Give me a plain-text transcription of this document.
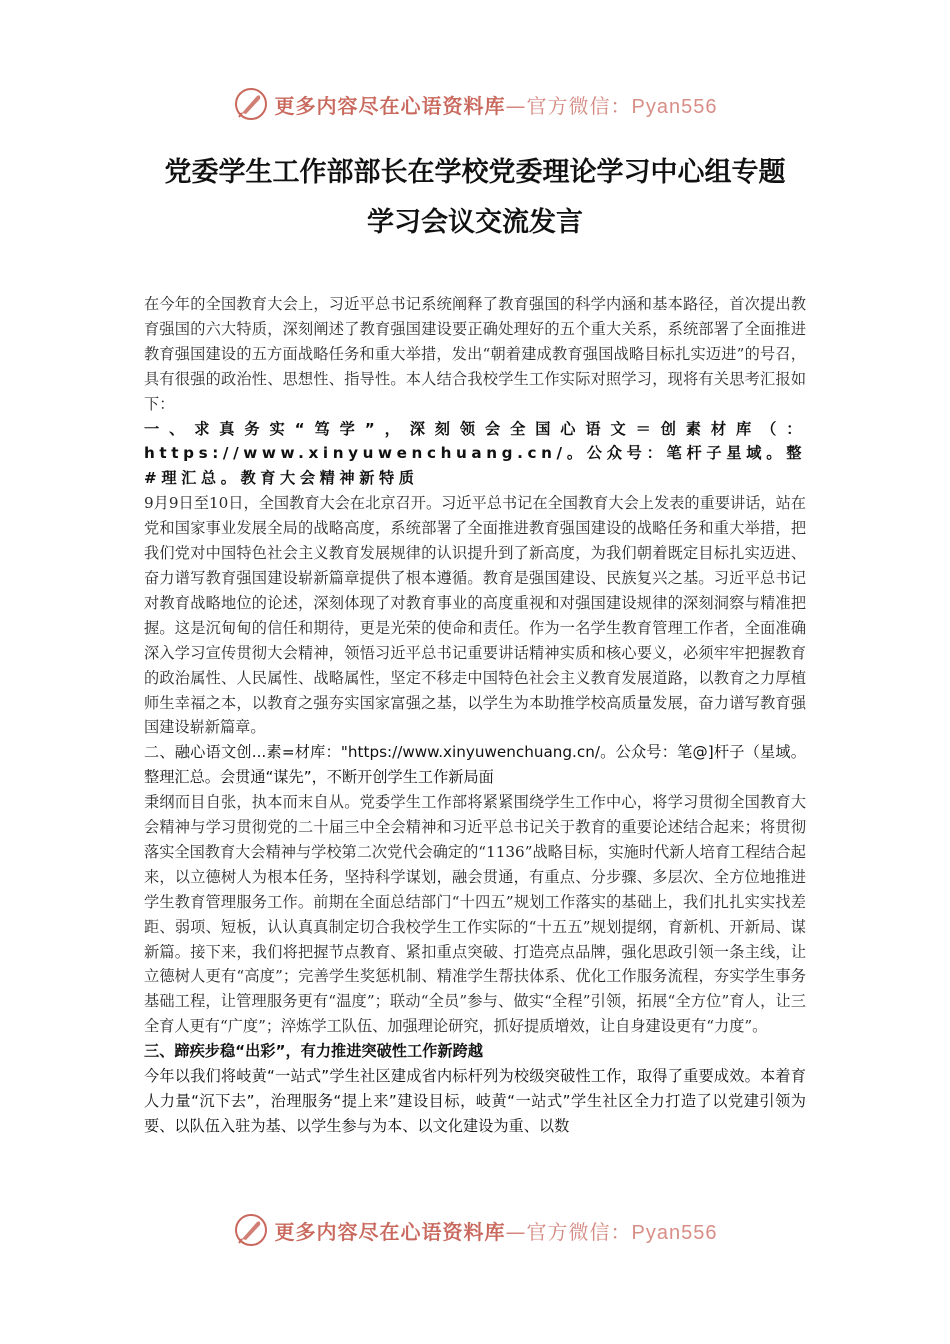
更多内容尽在心语资料库—官方微信：Pyan556
党委学生工作部部长在学校党委理论学习中心组专题
学习会议交流发言

在今年的全国教育大会上，习近平总书记系统阐释了教育强国的科学内涵和基本路径，首次提出教育强国的六大特质，深刻阐述了教育强国建设要正确处理好的五个重大关系，系统部署了全面推进教育强国建设的五方面战略任务和重大举措，发出“朝着建成教育强国战略目标扎实迈进”的号召，具有很强的政治性、思想性、指导性。本人结合我校学生工作实际对照学习，现将有关思考汇报如下：

一、求真务实“笃学”，深刻领会全国心语文＝创素材库（：https://www.xinyuwenchuang.cn/。公众号：笔杆子星域。整#理汇总。教育大会精神新特质

9月9日至10日，全国教育大会在北京召开。习近平总书记在全国教育大会上发表的重要讲话，站在党和国家事业发展全局的战略高度，系统部署了全面推进教育强国建设的战略任务和重大举措，把我们党对中国特色社会主义教育发展规律的认识提升到了新高度，为我们朝着既定目标扎实迈进、奋力谱写教育强国建设崭新篇章提供了根本遵循。教育是强国建设、民族复兴之基。习近平总书记对教育战略地位的论述，深刻体现了对教育事业的高度重视和对强国建设规律的深刻洞察与精准把握。这是沉甸甸的信任和期待，更是光荣的使命和责任。作为一名学生教育管理工作者，全面准确深入学习宣传贯彻大会精神，领悟习近平总书记重要讲话精神实质和核心要义，必须牢牢把握教育的政治属性、人民属性、战略属性，坚定不移走中国特色社会主义教育发展道路，以教育之力厚植师生幸福之本，以教育之强夯实国家富强之基，以学生为本助推学校高质量发展，奋力谱写教育强国建设崭新篇章。

二、融心语文创...素=材库："https://www.xinyuwenchuang.cn/。公众号：笔@]杆子（星域。整理汇总。会贯通“谋先”，不断开创学生工作新局面

秉纲而目自张，执本而末自从。党委学生工作部将紧紧围绕学生工作中心，将学习贯彻全国教育大会精神与学习贯彻党的二十届三中全会精神和习近平总书记关于教育的重要论述结合起来；将贯彻落实全国教育大会精神与学校第二次党代会确定的“1136”战略目标，实施时代新人培育工程结合起来，以立德树人为根本任务，坚持科学谋划，融会贯通，有重点、分步骤、多层次、全方位地推进学生教育管理服务工作。前期在全面总结部门“十四五”规划工作落实的基础上，我们扎扎实实找差距、弱项、短板，认认真真制定切合我校学生工作实际的“十五五”规划提纲，育新机、开新局、谋新篇。接下来，我们将把握节点教育、紧扣重点突破、打造亮点品牌，强化思政引领一条主线，让立德树人更有“高度”；完善学生奖惩机制、精准学生帮扶体系、优化工作服务流程，夯实学生事务基础工程，让管理服务更有“温度”；联动“全员”参与、做实“全程”引领，拓展“全方位”育人，让三全育人更有“广度”；淬炼学工队伍、加强理论研究，抓好提质增效，让自身建设更有“力度”。

三、蹄疾步稳“出彩”，有力推进突破性工作新跨越

今年以我们将岐黄“一站式”学生社区建成省内标杆列为校级突破性工作，取得了重要成效。本着育人力量“沉下去”，治理服务“提上来”建设目标，岐黄“一站式”学生社区全力打造了以党建引领为要、以队伍入驻为基、以学生参与为本、以文化建设为重、以数

更多内容尽在心语资料库—官方微信：Pyan556
